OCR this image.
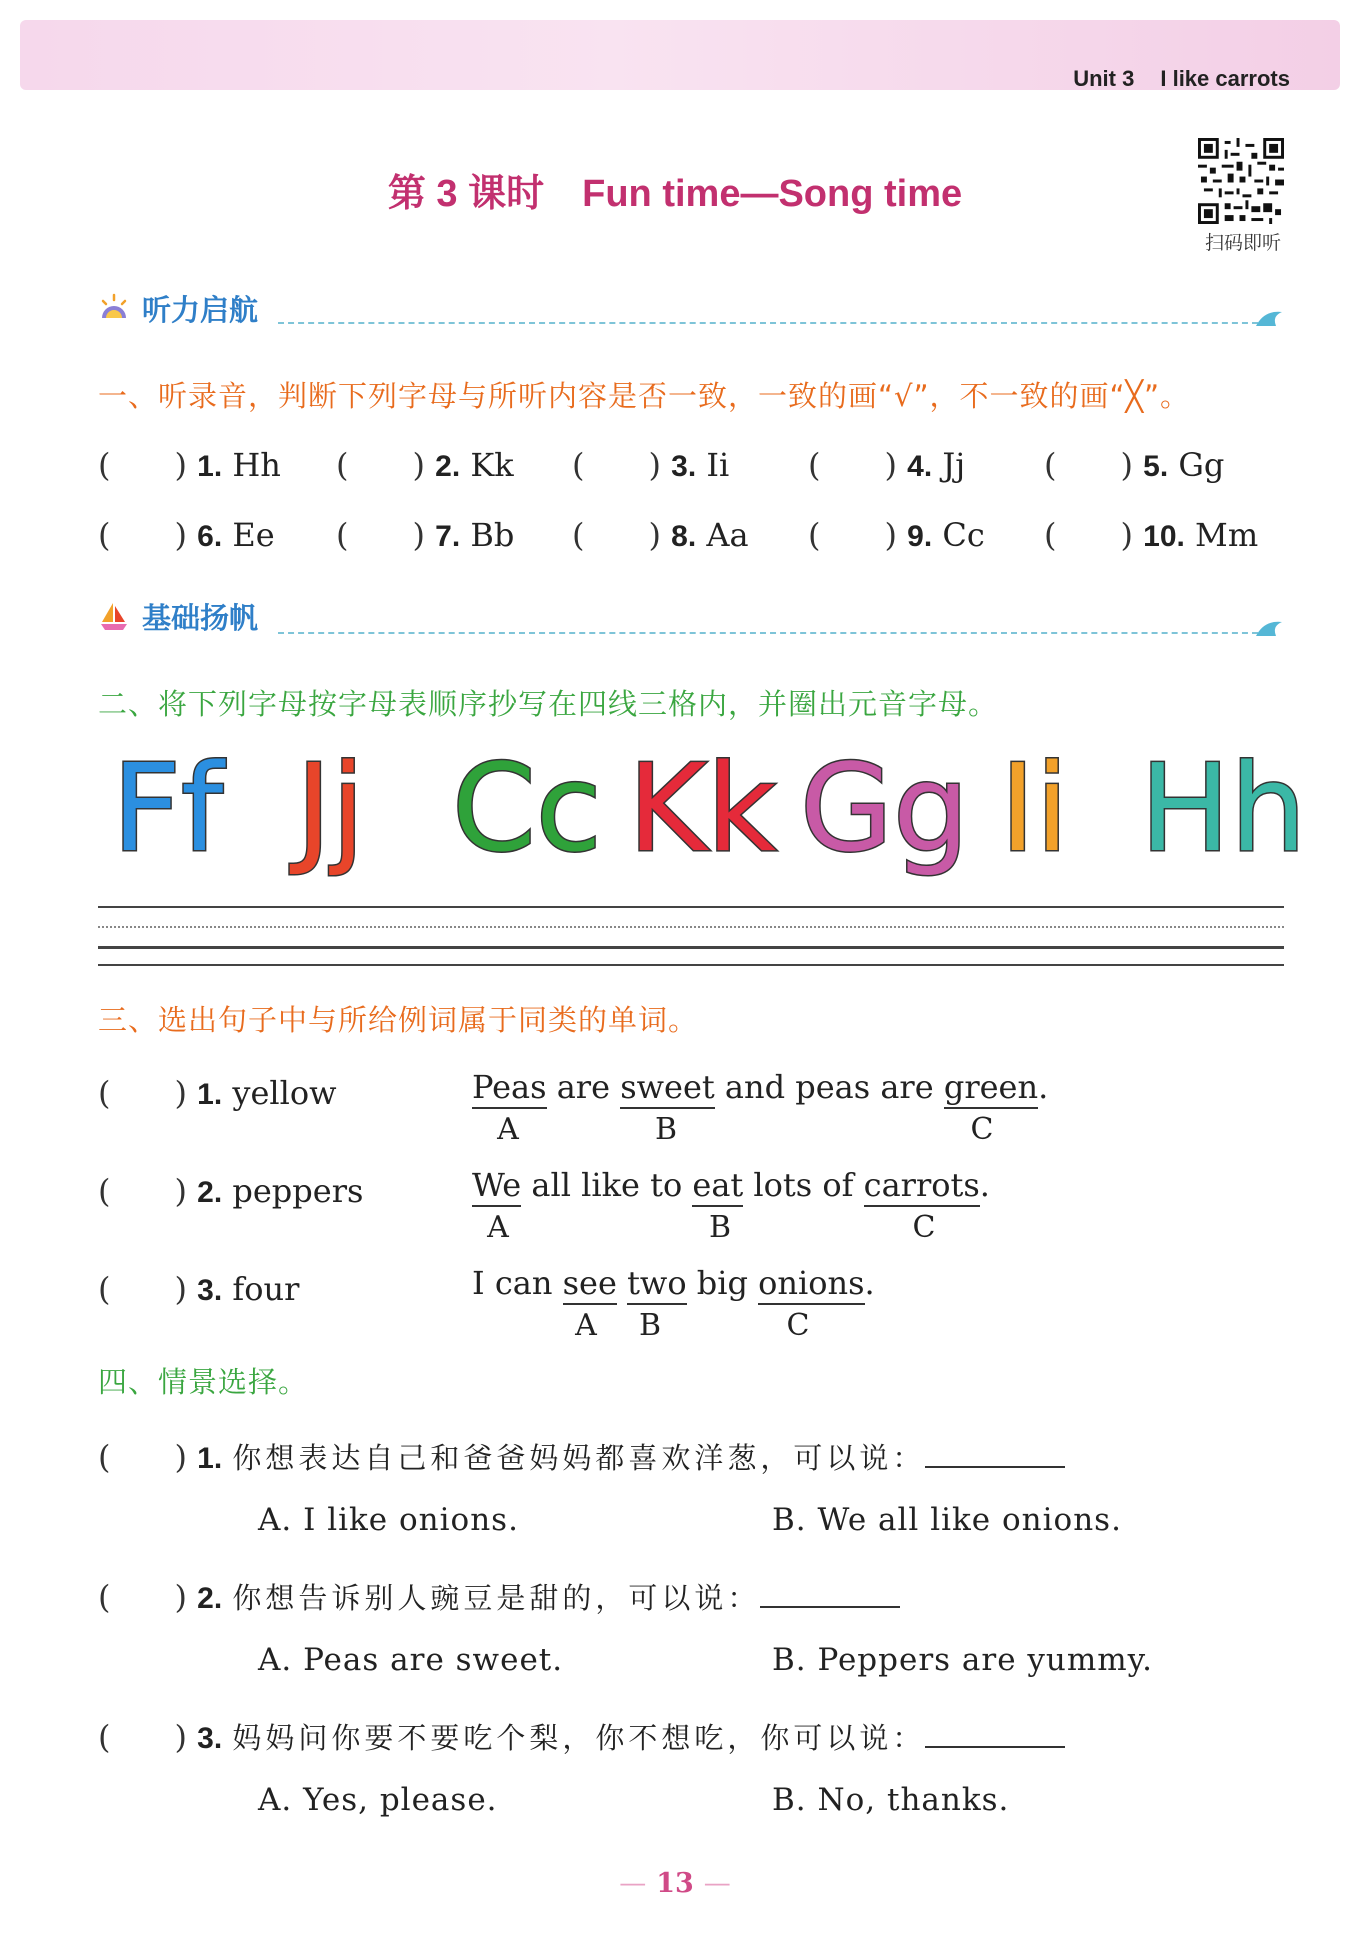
Unit 3 I like carrots
第 3 课时　Fun time—Song time
扫码即听
听力启航
一、听录音，判断下列字母与所听内容是否一致，一致的画“√”，不一致的画“╳”。
(　　) 1. Hh (　　) 2. Kk (　　) 3. Ii (　　) 4. Jj (　　) 5. Gg
(　　) 6. Ee (　　) 7. Bb (　　) 8. Aa (　　) 9. Cc (　　) 10. Mm
基础扬帆
二、将下列字母按字母表顺序抄写在四线三格内，并圈出元音字母。
Ff Jj Cc Kk Gg Ii Hh
三、选出句子中与所给例词属于同类的单词。
(　　) 1. yellow	Peas are sweet and peas are green.
A	B	C
(　　) 2. peppers	We all like to eat lots of carrots.
A	B	C
(　　) 3. four	I can see two big onions.
A	B	C
四、情景选择。
(　　) 1. 你想表达自己和爸爸妈妈都喜欢洋葱，可以说：
A. I like onions.	B. We all like onions.
(　　) 2. 你想告诉别人豌豆是甜的，可以说：
A. Peas are sweet.	B. Peppers are yummy.
(　　) 3. 妈妈问你要不要吃个梨，你不想吃，你可以说：
A. Yes, please.	B. No, thanks.
— 13 —
